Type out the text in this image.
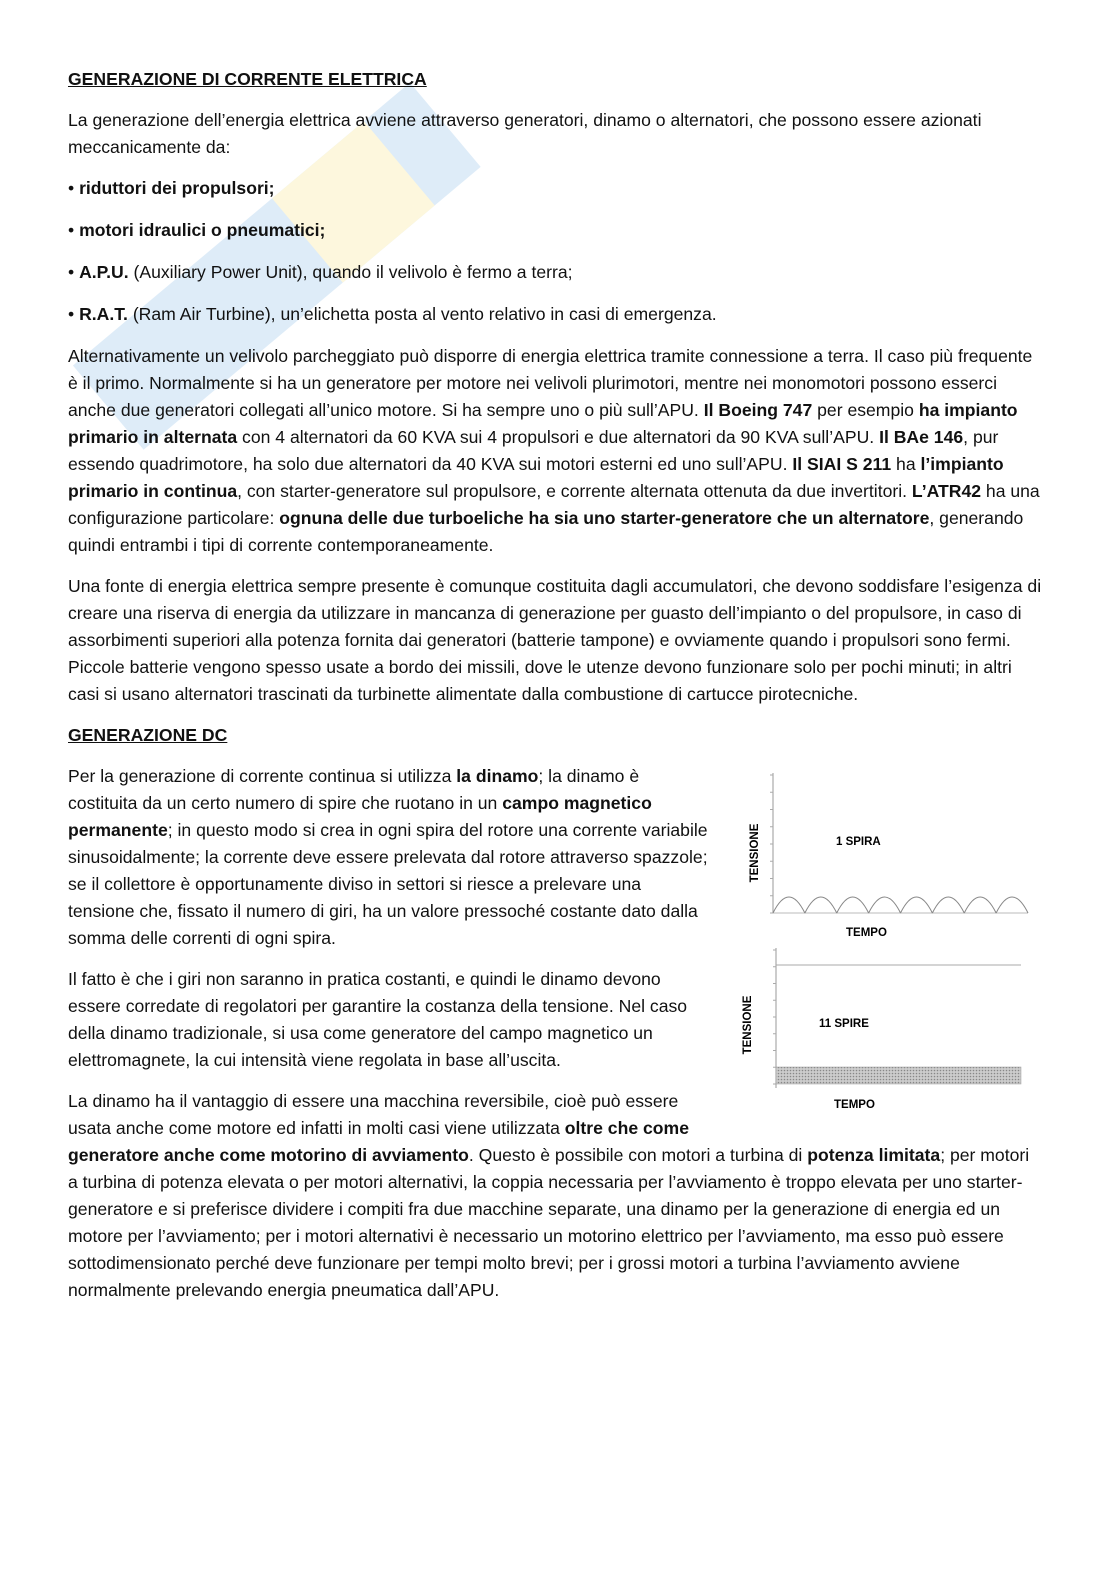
GENERAZIONE DI CORRENTE ELETTRICA

La generazione dell’energia elettrica avviene attraverso generatori, dinamo o alternatori, che possono essere azionati meccanicamente da:

• riduttori dei propulsori;

• motori idraulici o pneumatici;

• A.P.U. (Auxiliary Power Unit), quando il velivolo è fermo a terra;

• R.A.T. (Ram Air Turbine), un’elichetta posta al vento relativo in casi di emergenza.

Alternativamente un velivolo parcheggiato può disporre di energia elettrica tramite connessione a terra. Il caso più frequente è il primo. Normalmente si ha un generatore per motore nei velivoli plurimotori, mentre nei monomotori possono esserci anche due generatori collegati all’unico motore. Si ha sempre uno o più sull’APU. Il Boeing 747 per esempio ha impianto primario in alternata con 4 alternatori da 60 KVA sui 4 propulsori e due alternatori da 90 KVA sull’APU. Il BAe 146, pur essendo quadrimotore, ha solo due alternatori da 40 KVA sui motori esterni ed uno sull’APU. Il SIAI S 211 ha l’impianto primario in continua, con starter-generatore sul propulsore, e corrente alternata ottenuta da due invertitori. L’ATR42 ha una configurazione particolare: ognuna delle due turboeliche ha sia uno starter-generatore che un alternatore, generando quindi entrambi i tipi di corrente contemporaneamente.

Una fonte di energia elettrica sempre presente è comunque costituita dagli accumulatori, che devono soddisfare l’esigenza di creare una riserva di energia da utilizzare in mancanza di generazione per guasto dell’impianto o del propulsore, in caso di assorbimenti superiori alla potenza fornita dai generatori (batterie tampone) e ovviamente quando i propulsori sono fermi. Piccole batterie vengono spesso usate a bordo dei missili, dove le utenze devono funzionare solo per pochi minuti; in altri casi si usano alternatori trascinati da turbinette alimentate dalla combustione di cartucce pirotecniche.

GENERAZIONE DC
TENSIONE	1 SPIRA
TEMPO
TENSIONE	11 SPIRE
TEMPO

Per la generazione di corrente continua si utilizza la dinamo; la dinamo è costituita da un certo numero di spire che ruotano in un campo magnetico permanente; in questo modo si crea in ogni spira del rotore una corrente variabile sinusoidalmente; la corrente deve essere prelevata dal rotore attraverso spazzole; se il collettore è opportunamente diviso in settori si riesce a prelevare una tensione che, fissato il numero di giri, ha un valore pressoché costante dato dalla somma delle correnti di ogni spira.

Il fatto è che i giri non saranno in pratica costanti, e quindi le dinamo devono essere corredate di regolatori per garantire la costanza della tensione. Nel caso della dinamo tradizionale, si usa come generatore del campo magnetico un elettromagnete, la cui intensità viene regolata in base all’uscita.

La dinamo ha il vantaggio di essere una macchina reversibile, cioè può essere usata anche come motore ed infatti in molti casi viene utilizzata oltre che come generatore anche come motorino di avviamento. Questo è possibile con motori a turbina di potenza limitata; per motori a turbina di potenza elevata o per motori alternativi, la coppia necessaria per l’avviamento è troppo elevata per uno starter-generatore e si preferisce dividere i compiti fra due macchine separate, una dinamo per la generazione di energia ed un motore per l’avviamento; per i motori alternativi è necessario un motorino elettrico per l’avviamento, ma esso può essere sottodimensionato perché deve funzionare per tempi molto brevi; per i grossi motori a turbina l’avviamento avviene normalmente prelevando energia pneumatica dall’APU.
